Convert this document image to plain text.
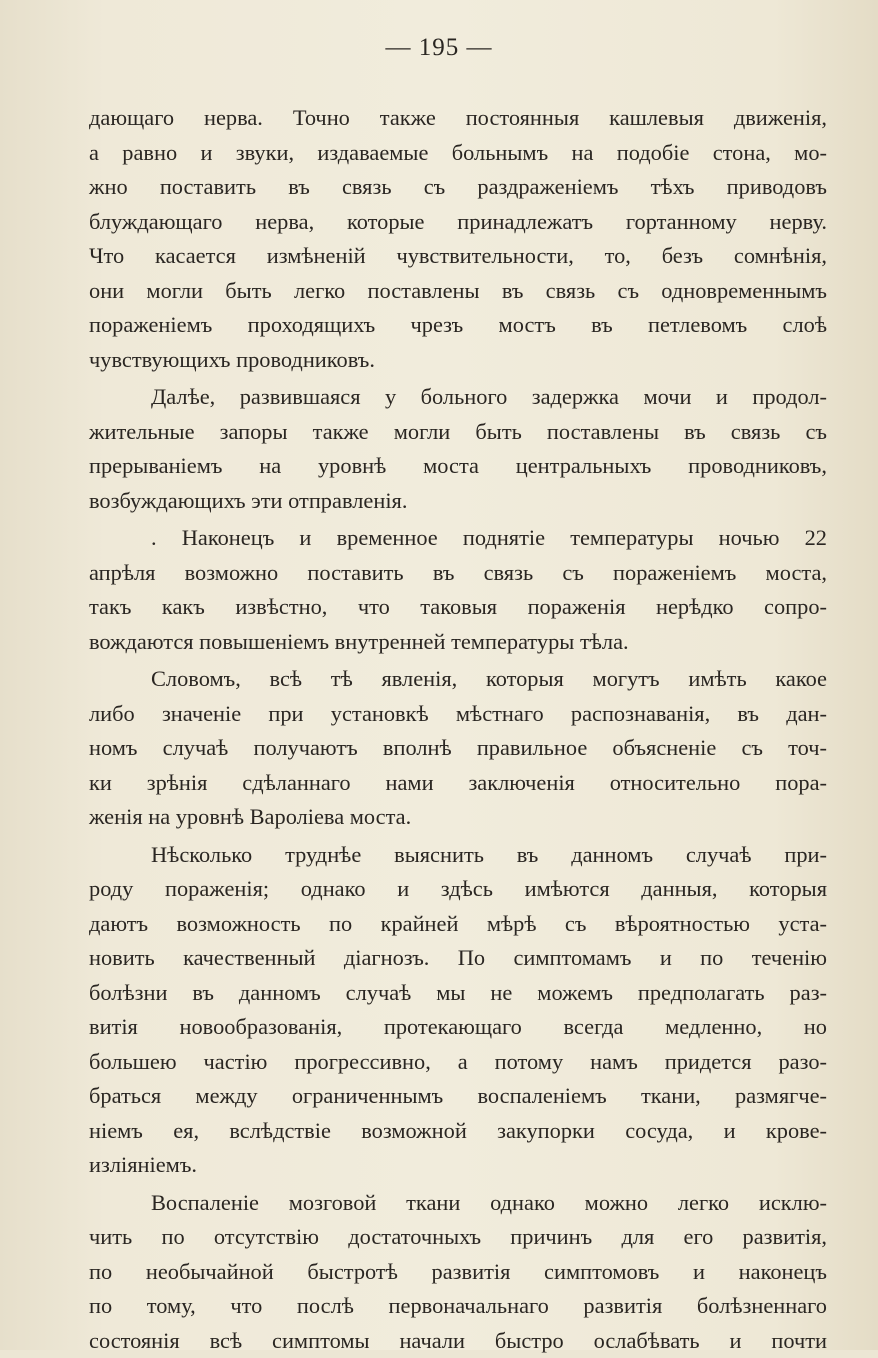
— 195 —
дающаго нерва. Точно также постоянныя кашлевыя движенія,
а равно и звуки, издаваемые больнымъ на подобіе стона, мо-
жно поставить въ связь съ раздраженіемъ тѣхъ приводовъ
блуждающаго нерва, которые принадлежатъ гортанному нерву.
Что касается измѣненій чувствительности, то, безъ сомнѣнія,
они могли быть легко поставлены въ связь съ одновременнымъ
пораженіемъ проходящихъ чрезъ мостъ въ петлевомъ слоѣ
чувствующихъ проводниковъ.
Далѣе, развившаяся у больного задержка мочи и продол-
жительные запоры также могли быть поставлены въ связь съ
прерываніемъ на уровнѣ моста центральныхъ проводниковъ,
возбуждающихъ эти отправленія.
. Наконецъ и временное поднятіе температуры ночью 22
апрѣля возможно поставить въ связь съ пораженіемъ моста,
такъ какъ извѣстно, что таковыя пораженія нерѣдко сопро-
вождаются повышеніемъ внутренней температуры тѣла.
Словомъ, всѣ тѣ явленія, которыя могутъ имѣть какое
либо значеніе при установкѣ мѣстнаго распознаванія, въ дан-
номъ случаѣ получаютъ вполнѣ правильное объясненіе съ точ-
ки зрѣнія сдѣланнаго нами заключенія относительно пора-
женія на уровнѣ Вароліева моста.
Нѣсколько труднѣе выяснить въ данномъ случаѣ при-
роду пораженія; однако и здѣсь имѣются данныя, которыя
даютъ возможность по крайней мѣрѣ съ вѣроятностью уста-
новить качественный діагнозъ. По симптомамъ и по теченію
болѣзни въ данномъ случаѣ мы не можемъ предполагать раз-
витія новообразованія, протекающаго всегда медленно, но
большею частію прогрессивно, а потому намъ придется разо-
браться между ограниченнымъ воспаленіемъ ткани, размягче-
ніемъ ея, вслѣдствіе возможной закупорки сосуда, и крове-
изліяніемъ.
Воспаленіе мозговой ткани однако можно легко исклю-
чить по отсутствію достаточныхъ причинъ для его развитія,
по необычайной быстротѣ развитія симптомовъ и наконецъ
по тому, что послѣ первоначальнаго развитія болѣзненнаго
состоянія всѣ симптомы начали быстро ослабѣвать и почти
